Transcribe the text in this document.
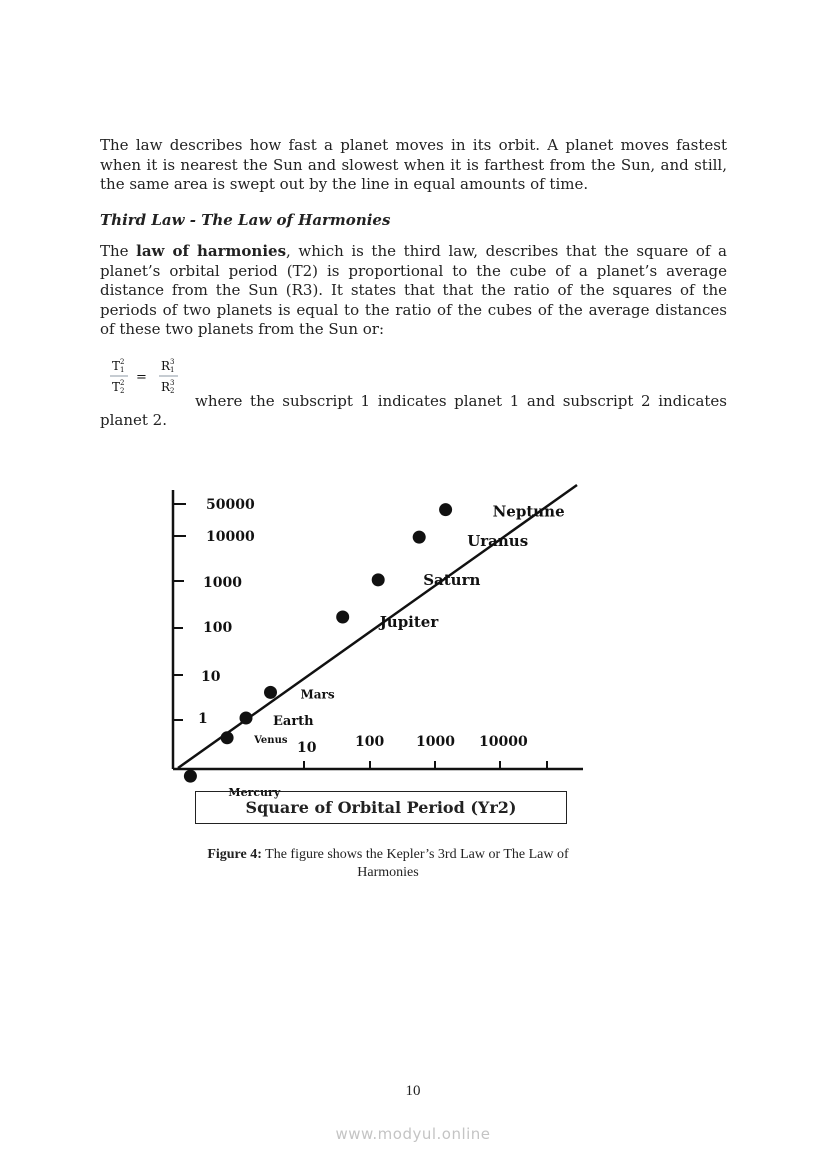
The law describes how fast a planet moves in its orbit. A planet moves fastest when it is nearest the Sun and slowest when it is farthest from the Sun, and still, the same area is swept out by the line in equal amounts of time.

Third Law - The Law of Harmonies

The law of harmonies, which is the third law, describes that the square of a planet’s orbital period (T2) is proportional to the cube of a planet’s average distance from the Sun (R3). It states that that the ratio of the squares of the periods of two planets is equal to the ratio of the cubes of the average distances of these two planets from the Sun or:

T 2
1
T 2
2
=
R 3
1
R 3
2
where the subscript 1 indicates planet 1 and subscript 2 indicates
planet 2.
50000
10000
1000
100
10
1
10	100 1000 10000
Mercury
Venus
Earth
Mars
Jupiter
Saturn
Uranus
Neptune
Square of Orbital Period (Yr2)
Figure 4: The figure shows the Kepler’s 3rd Law or The Law of Harmonies
10
www.modyul.online
